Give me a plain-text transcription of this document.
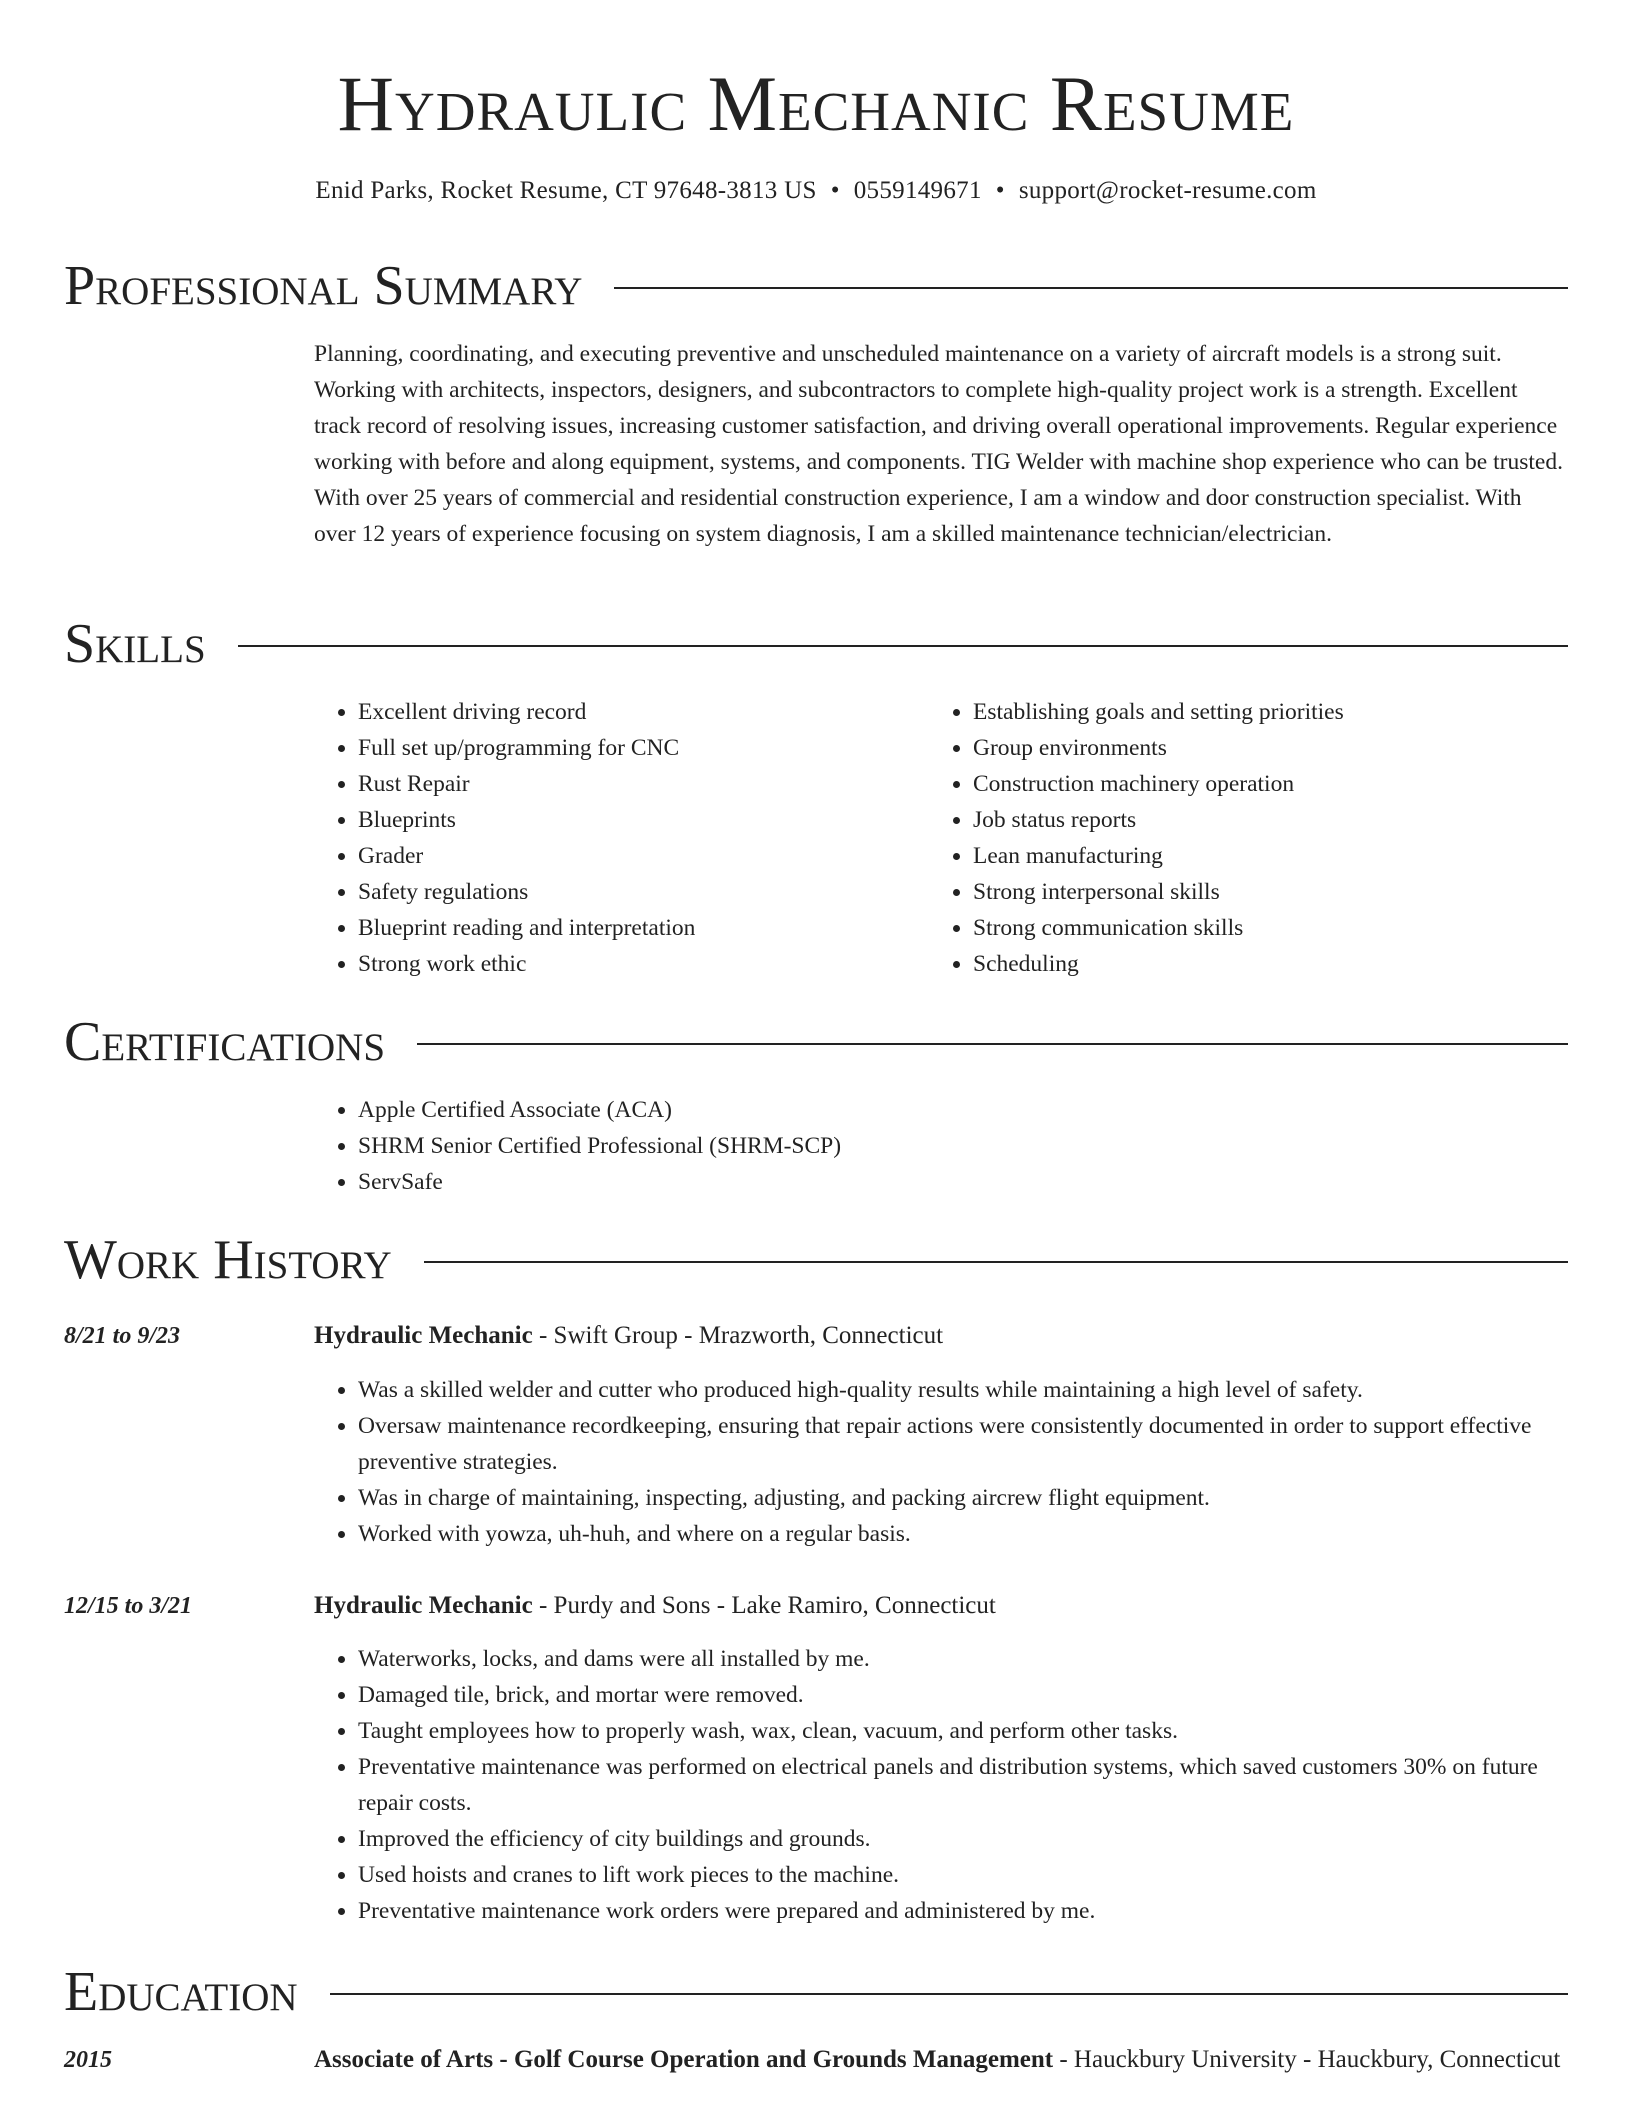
Hydraulic Mechanic Resume
Enid Parks, Rocket Resume, CT 97648-3813 US • 0559149671 • support@rocket-resume.com
Professional Summary
Planning, coordinating, and executing preventive and unscheduled maintenance on a variety of aircraft models is a strong suit. Working with architects, inspectors, designers, and subcontractors to complete high-quality project work is a strength. Excellent track record of resolving issues, increasing customer satisfaction, and driving overall operational improvements. Regular experience working with before and along equipment, systems, and components. TIG Welder with machine shop experience who can be trusted. With over 25 years of commercial and residential construction experience, I am a window and door construction specialist. With over 12 years of experience focusing on system diagnosis, I am a skilled maintenance technician/electrician.
Skills
• Excellent driving record
• Full set up/programming for CNC
• Rust Repair
• Blueprints
• Grader
• Safety regulations
• Blueprint reading and interpretation
• Strong work ethic
• Establishing goals and setting priorities
• Group environments
• Construction machinery operation
• Job status reports
• Lean manufacturing
• Strong interpersonal skills
• Strong communication skills
• Scheduling
Certifications
• Apple Certified Associate (ACA)
• SHRM Senior Certified Professional (SHRM-SCP)
• ServSafe
Work History
8/21 to 9/23	Hydraulic Mechanic - Swift Group - Mrazworth, Connecticut
• Was a skilled welder and cutter who produced high-quality results while maintaining a high level of safety.
• Oversaw maintenance recordkeeping, ensuring that repair actions were consistently documented in order to support effective preventive strategies.
• Was in charge of maintaining, inspecting, adjusting, and packing aircrew flight equipment.
• Worked with yowza, uh-huh, and where on a regular basis.
12/15 to 3/21	Hydraulic Mechanic - Purdy and Sons - Lake Ramiro, Connecticut
• Waterworks, locks, and dams were all installed by me.
• Damaged tile, brick, and mortar were removed.
• Taught employees how to properly wash, wax, clean, vacuum, and perform other tasks.
• Preventative maintenance was performed on electrical panels and distribution systems, which saved customers 30% on future repair costs.
• Improved the efficiency of city buildings and grounds.
• Used hoists and cranes to lift work pieces to the machine.
• Preventative maintenance work orders were prepared and administered by me.
Education
2015	Associate of Arts - Golf Course Operation and Grounds Management - Hauckbury University - Hauckbury, Connecticut
